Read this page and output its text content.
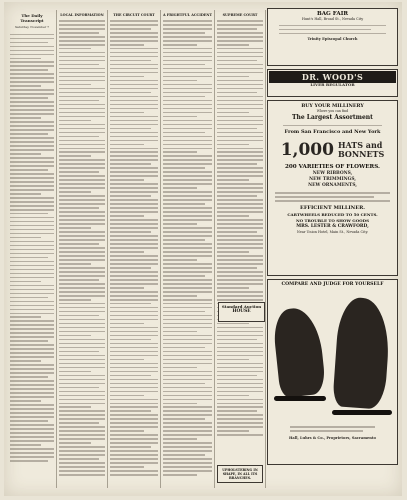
The Daily Transcript
Saturday, November 7
LOCAL INFORMATION	THE CIRCUIT COURT	A FRIGHTFUL ACCIDENT	SUPREME COURT
UPHOLSTERING IN SHAPE, IN ALL ITS BRANCHES.
BAG FAIR
Hunt's Hall, Broad St., Nevada City
Trinity Episcopal Church
DR. WOOD'S
LIVER REGULATOR
BUY YOUR MILLINERY
Where you can find
The Largest Assortment
From San Francisco and New York
1,000 HATS and
BONNETS
200 VARIETIES OF FLOWERS.
NEW RIBBONS,
NEW TRIMMINGS,
NEW ORNAMENTS,
EFFICIENT MILLINER.
CARTWHEELS REDUCED TO 50 CENTS.
NO TROUBLE TO SHOW GOODS
MRS. LESTER & CRAWFORD,
Near Union Hotel, Main St., Nevada City.
COMPARE AND JUDGE FOR YOURSELF
Hall, Luhrs & Co., Proprietors, Sacramento
Standard Auction
HOUSE
